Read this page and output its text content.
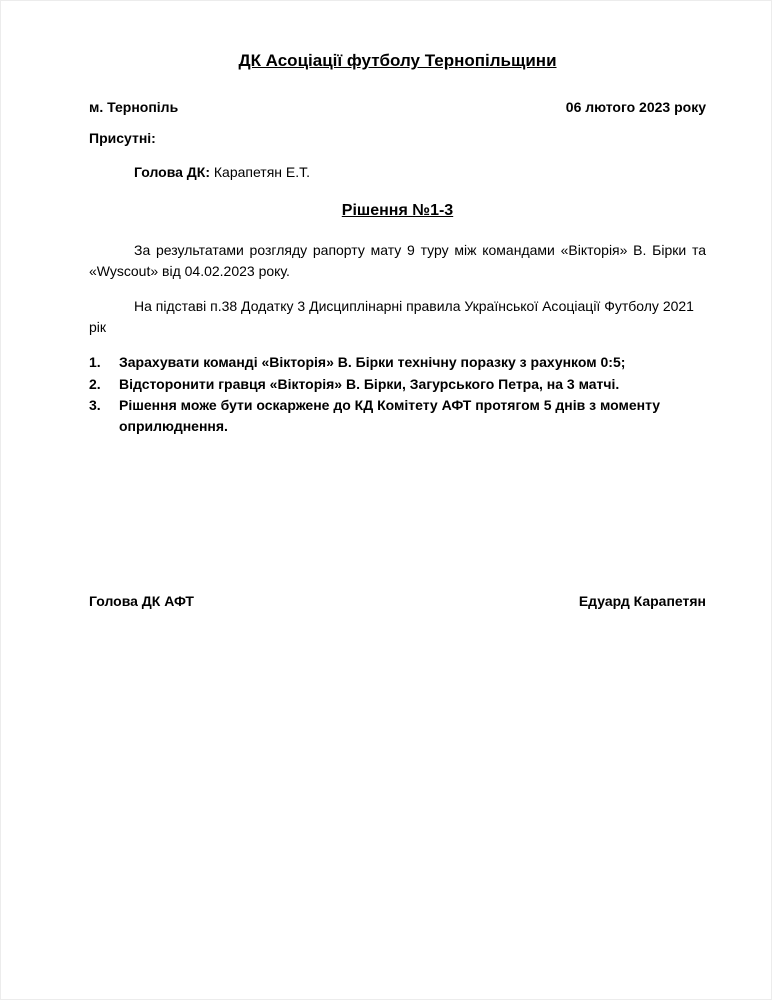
ДК Асоціації футболу Тернопільщини
м. Тернопіль	06 лютого 2023 року

Присутні:

Голова ДК: Карапетян Е.Т.

Рішення №1-3

За результатами розгляду рапорту мату 9 туру між командами «Вікторія» В. Бірки та «Wyscout» від 04.02.2023 року.

На підставі п.38 Додатку 3 Дисциплінарні правила Української Асоціації Футболу 2021 рік

1.	Зарахувати команді «Вікторія» В. Бірки технічну поразку з рахунком 0:5;
2.	Відсторонити гравця «Вікторія» В. Бірки, Загурського Петра, на 3 матчі.
3.	Рішення може бути оскаржене до КД Комітету АФТ протягом 5 днів з моменту оприлюднення.
Голова ДК АФТ	Едуард Карапетян
